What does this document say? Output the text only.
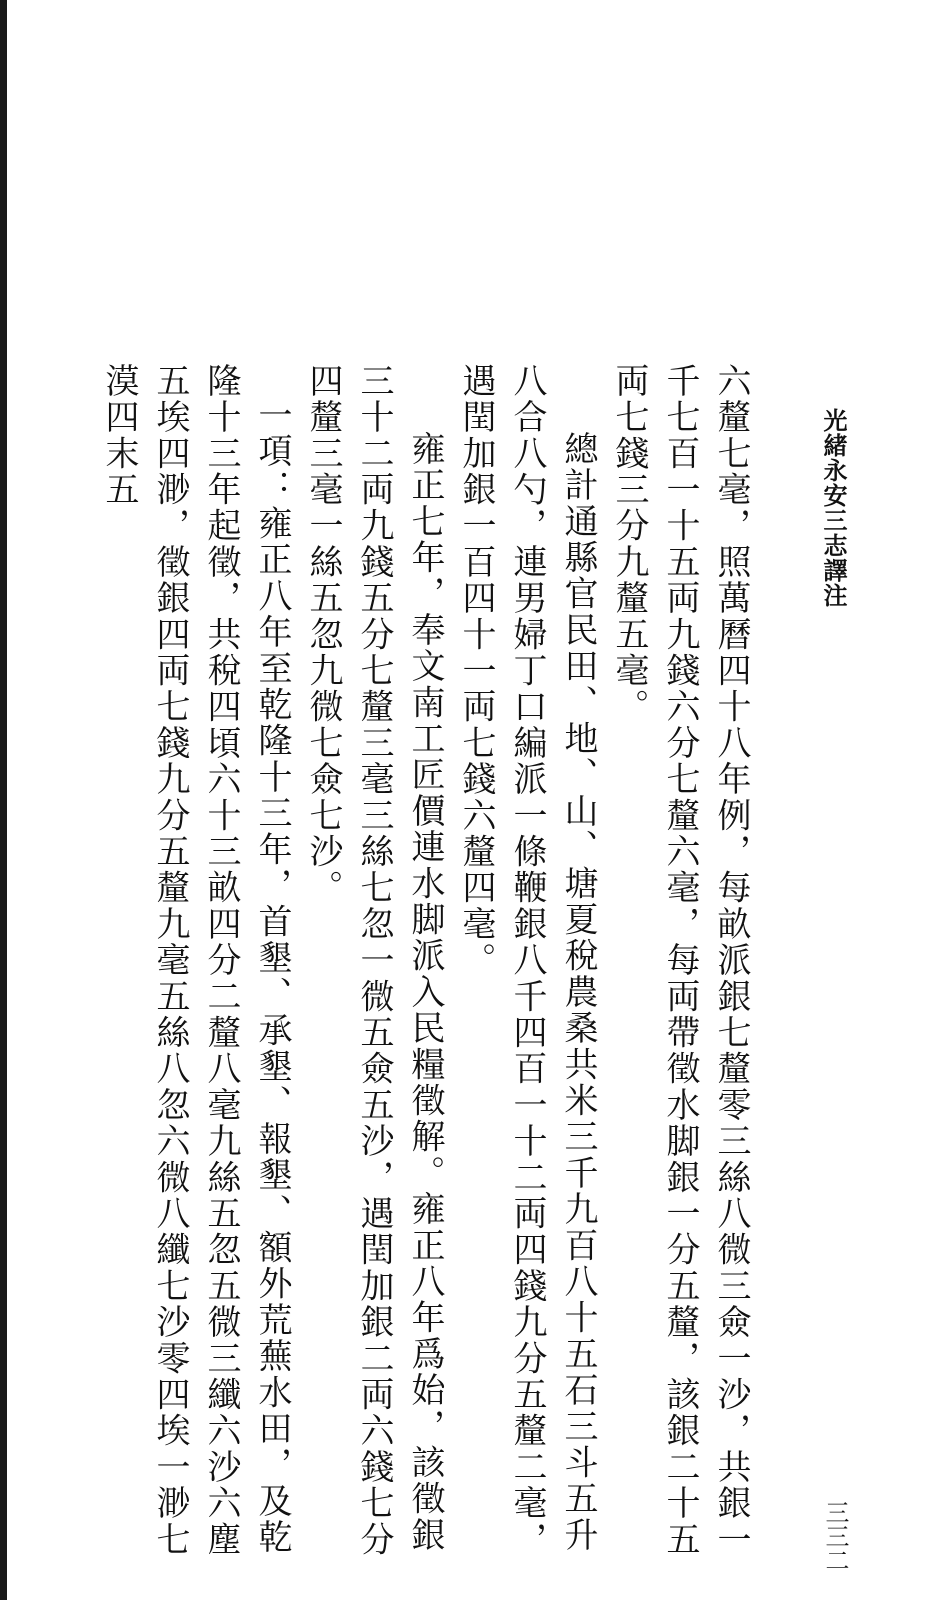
光緒永安三志譯注

六釐七毫，照萬曆四十八年例，每畝派銀七釐零三絲八微三僉一沙，共銀一千七百一十五両九錢六分七釐六毫，每両帶徵水脚銀一分五釐，該銀二十五両七錢三分九釐五毫。

總計通縣官民田、地、山、塘夏稅農桑共米三千九百八十五石三斗五升八合八勺，連男婦丁口編派一條鞭銀八千四百一十二両四錢九分五釐二毫，遇閏加銀一百四十一両七錢六釐四毫。

雍正七年，奉文南工匠價連水脚派入民糧徵解。雍正八年爲始，該徵銀三十二両九錢五分七釐三毫三絲七忽一微五僉五沙，遇閏加銀二両六錢七分四釐三毫一絲五忽九微七僉七沙。

一項：雍正八年至乾隆十三年，首墾、承墾、報墾、額外荒蕪水田，及乾隆十三年起徵，共稅四頃六十三畝四分二釐八毫九絲五忽五微三纖六沙六塵五埃四渺，徵銀四両七錢九分五釐九毫五絲八忽六微八纖七沙零四埃一渺七漠四末五

三三二
